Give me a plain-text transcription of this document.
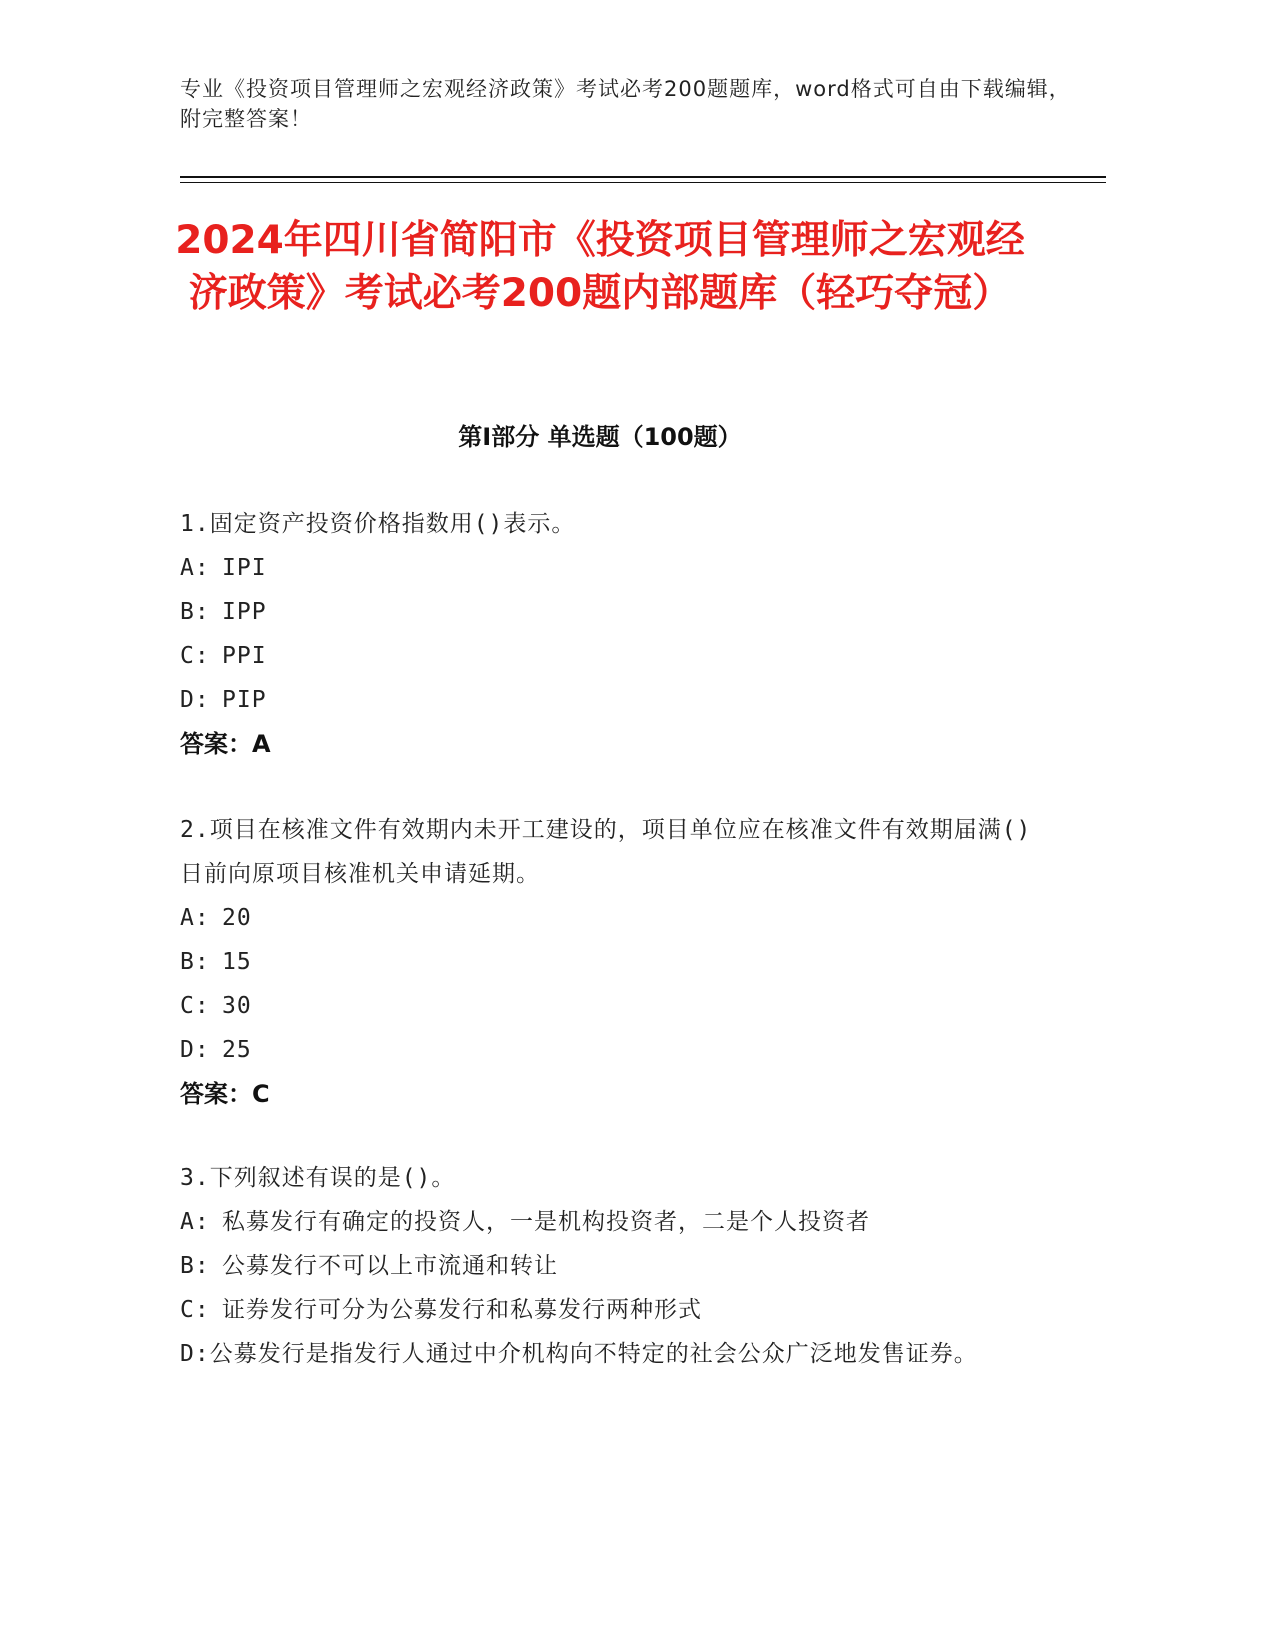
专业《投资项目管理师之宏观经济政策》考试必考200题题库，word格式可自由下载编辑，附完整答案！
2024年四川省简阳市《投资项目管理师之宏观经济政策》考试必考200题内部题库（轻巧夺冠）
第Ⅰ部分 单选题（100题）
1.固定资产投资价格指数用()表示。
A: IPI
B: IPP
C: PPI
D: PIP
答案：A
2.项目在核准文件有效期内未开工建设的，项目单位应在核准文件有效期届满()日前向原项目核准机关申请延期。
A: 20
B: 15
C: 30
D: 25
答案：C
3.下列叙述有误的是()。
A: 私募发行有确定的投资人，一是机构投资者，二是个人投资者
B: 公募发行不可以上市流通和转让
C: 证券发行可分为公募发行和私募发行两种形式
D:公募发行是指发行人通过中介机构向不特定的社会公众广泛地发售证券。
